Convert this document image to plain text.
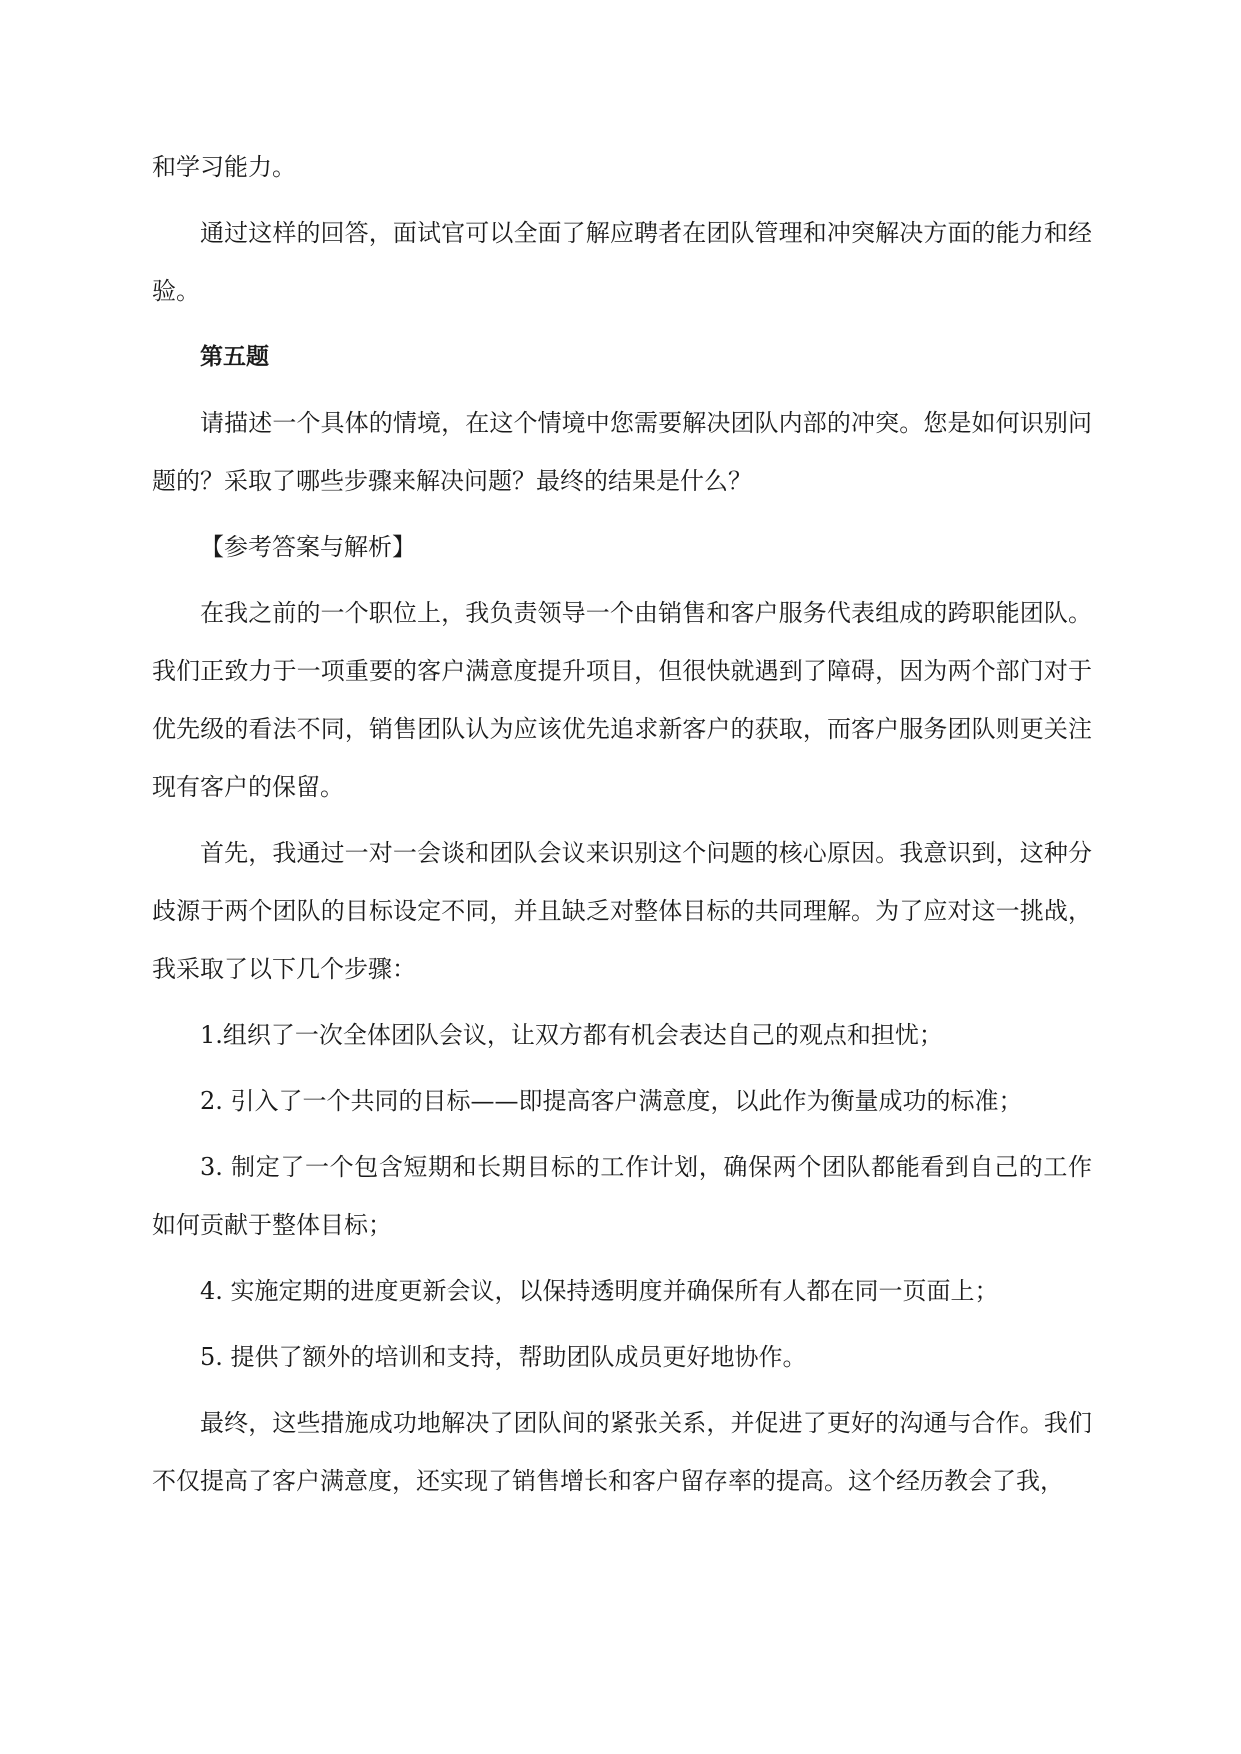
和学习能力。

通过这样的回答，面试官可以全面了解应聘者在团队管理和冲突解决方面的能力和经验。

第五题

请描述一个具体的情境，在这个情境中您需要解决团队内部的冲突。您是如何识别问题的？采取了哪些步骤来解决问题？最终的结果是什么？

【参考答案与解析】

在我之前的一个职位上，我负责领导一个由销售和客户服务代表组成的跨职能团队。我们正致力于一项重要的客户满意度提升项目，但很快就遇到了障碍，因为两个部门对于优先级的看法不同，销售团队认为应该优先追求新客户的获取，而客户服务团队则更关注现有客户的保留。

首先，我通过一对一会谈和团队会议来识别这个问题的核心原因。我意识到，这种分歧源于两个团队的目标设定不同，并且缺乏对整体目标的共同理解。为了应对这一挑战，我采取了以下几个步骤：

1.组织了一次全体团队会议，让双方都有机会表达自己的观点和担忧；

2. 引入了一个共同的目标——即提高客户满意度，以此作为衡量成功的标准；

3. 制定了一个包含短期和长期目标的工作计划，确保两个团队都能看到自己的工作如何贡献于整体目标；

4. 实施定期的进度更新会议，以保持透明度并确保所有人都在同一页面上；

5. 提供了额外的培训和支持，帮助团队成员更好地协作。

最终，这些措施成功地解决了团队间的紧张关系，并促进了更好的沟通与合作。我们不仅提高了客户满意度，还实现了销售增长和客户留存率的提高。这个经历教会了我，
